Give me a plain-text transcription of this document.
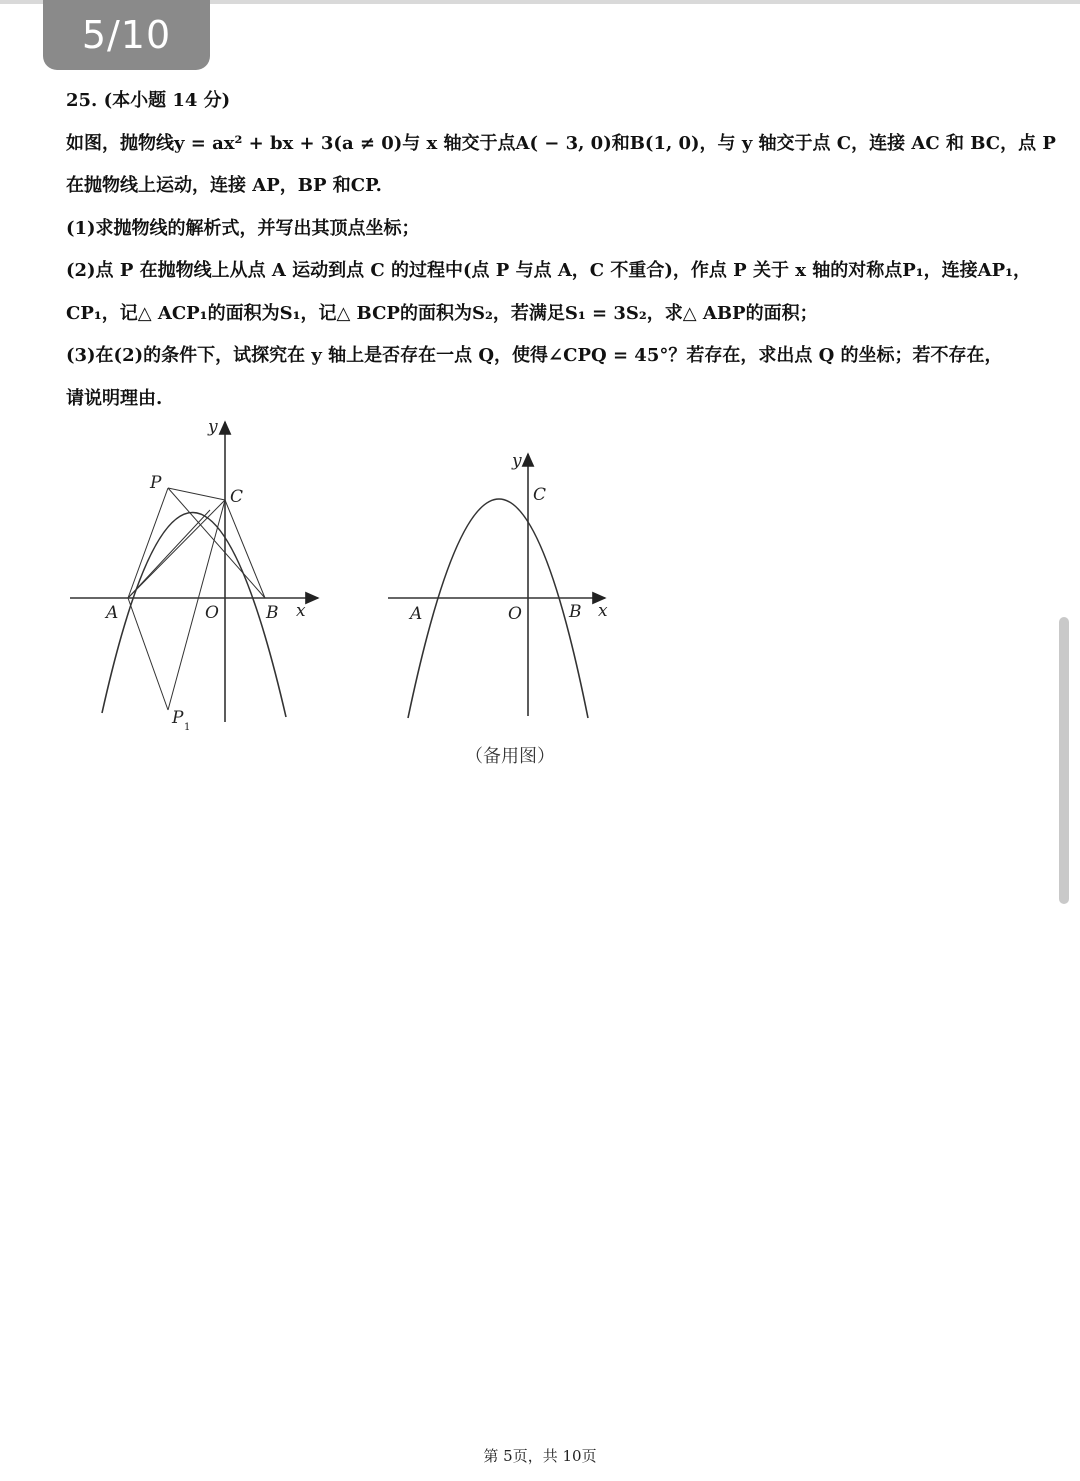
5/10
25. (本小题 14 分)
如图，抛物线y = ax² + bx + 3(a ≠ 0)与 x 轴交于点A( − 3, 0)和B(1, 0)，与 y 轴交于点 C，连接 AC 和 BC，点 P
在抛物线上运动，连接 AP，BP 和CP.
(1)求抛物线的解析式，并写出其顶点坐标；
(2)点 P 在抛物线上从点 A 运动到点 C 的过程中(点 P 与点 A，C 不重合)，作点 P 关于 x 轴的对称点P₁，连接AP₁，
CP₁，记△ ACP₁的面积为S₁，记△ BCP的面积为S₂，若满足S₁ = 3S₂，求△ ABP的面积；
(3)在(2)的条件下，试探究在 y 轴上是否存在一点 Q，使得∠CPQ = 45°？若存在，求出点 Q 的坐标；若不存在，
请说明理由.
y
P
C
A	O	B x
P 1
y
C
A	O	B x
（备用图）
第 5页，共 10页
